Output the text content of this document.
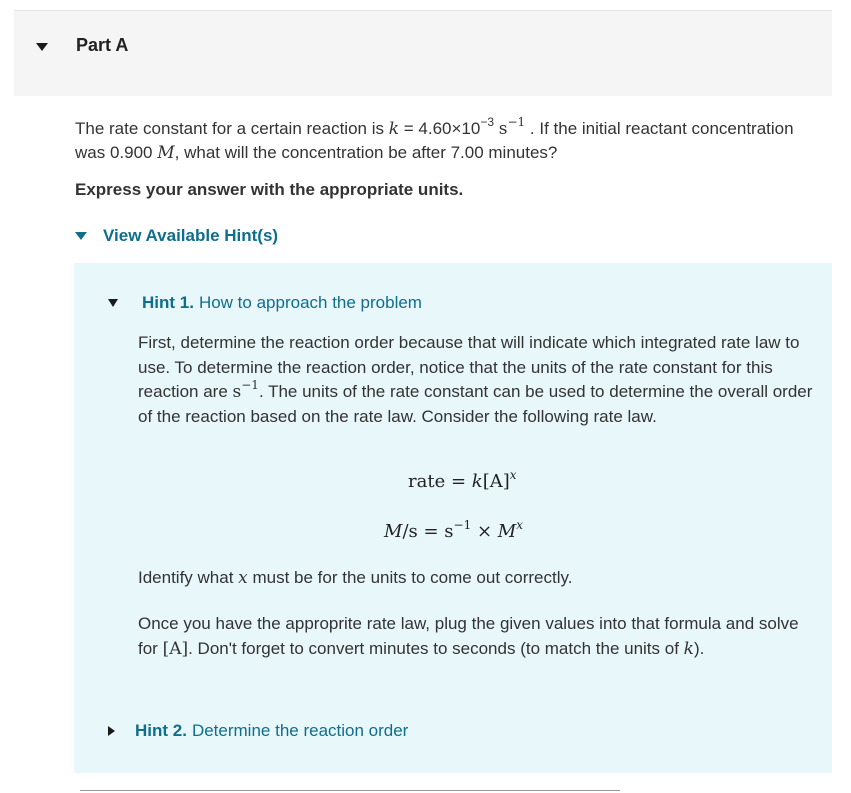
Part A
The rate constant for a certain reaction is $k = 4.60\times 10^{-3}$ $s^{-1}$ . If the initial reactant concentration was 0.900 M, what will the concentration be after 7.00 minutes?
Express your answer with the appropriate units.
View Available Hint(s)
Hint 1. How to approach the problem
First, determine the reaction order because that will indicate which integrated rate law to use. To determine the reaction order, notice that the units of the rate constant for this reaction are $s^{-1}$. The units of the rate constant can be used to determine the overall order of the reaction based on the rate law. Consider the following rate law.
rate = $k[A]^x$
$M/s = s^{-1} \times M^x$
Identify what x must be for the units to come out correctly.
Once you have the approprite rate law, plug the given values into that formula and solve for [A]. Don't forget to convert minutes to seconds (to match the units of k).
Hint 2. Determine the reaction order
